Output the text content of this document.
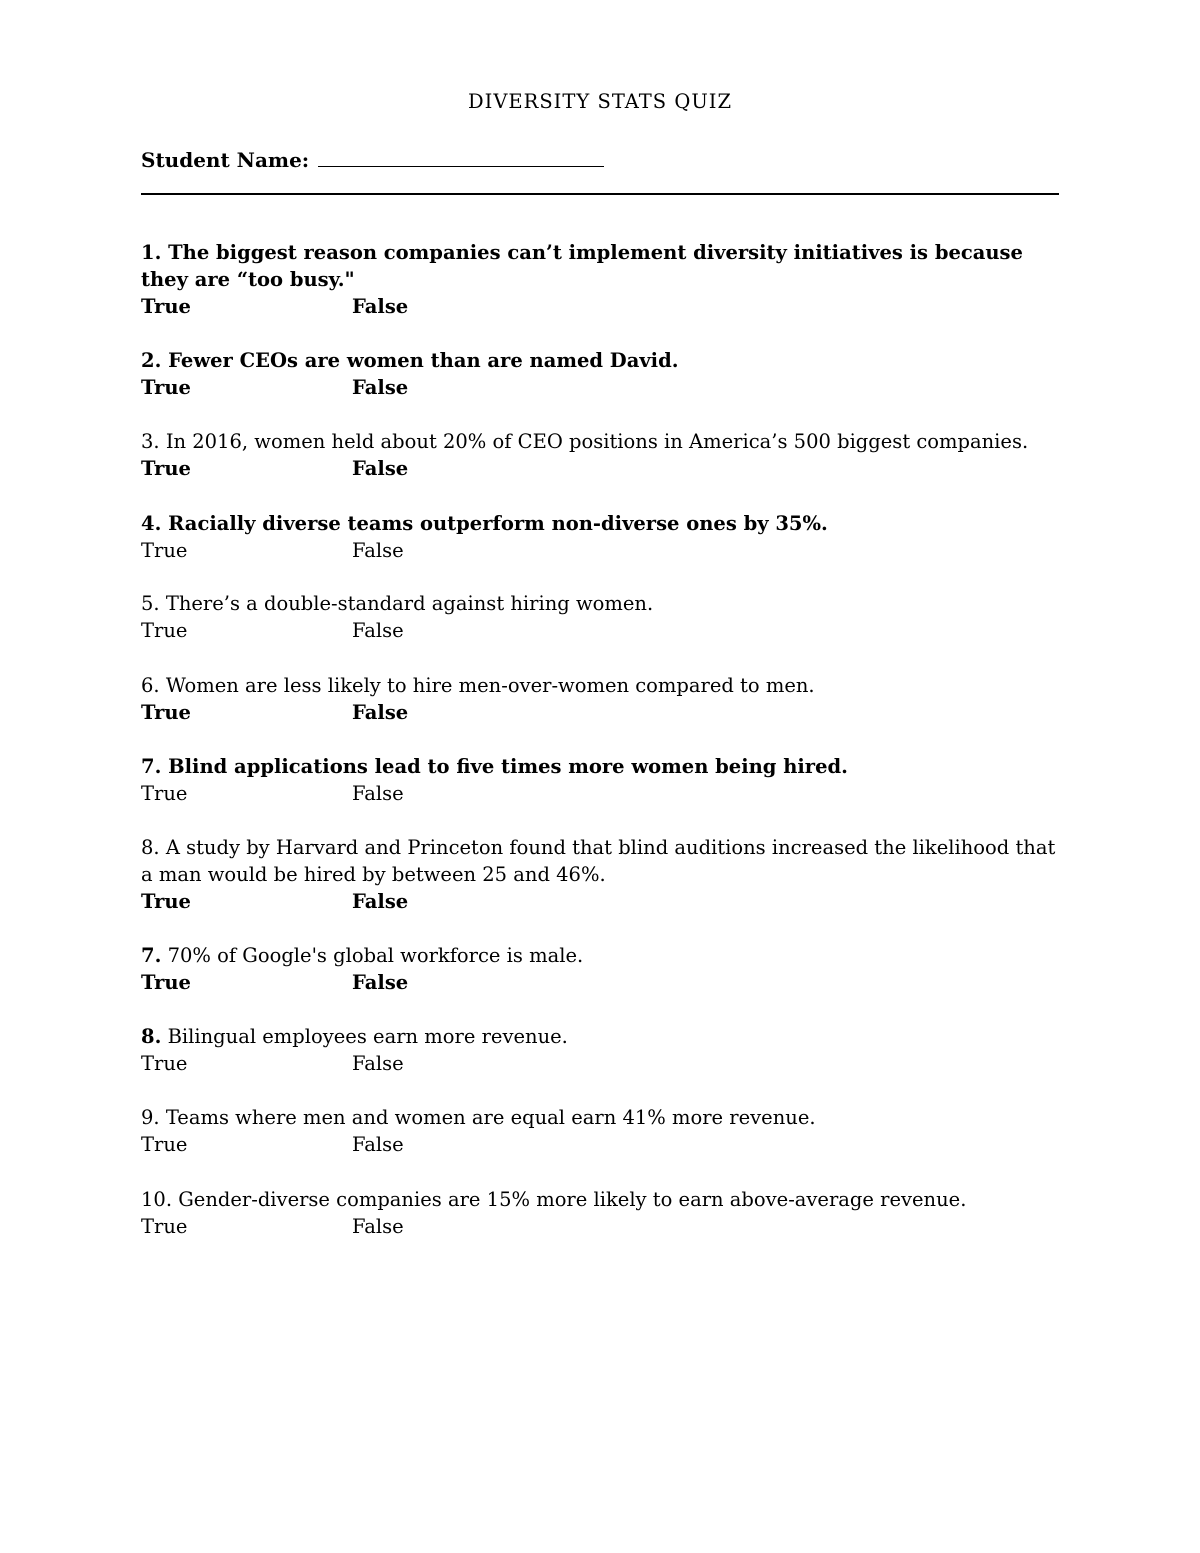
DIVERSITY STATS QUIZ
Student Name:

1. The biggest reason companies can’t implement diversity initiatives is because they are “too busy."

True	False

2. Fewer CEOs are women than are named David.

True	False

3. In 2016, women held about 20% of CEO positions in America’s 500 biggest companies.

True	False

4. Racially diverse teams outperform non-diverse ones by 35%.

True	False

5. There’s a double-standard against hiring women.

True	False

6. Women are less likely to hire men-over-women compared to men.

True	False

7. Blind applications lead to five times more women being hired.

True	False

8. A study by Harvard and Princeton found that blind auditions increased the likelihood that a man would be hired by between 25 and 46%.

True	False

7. 70% of Google's global workforce is male.

True	False

8. Bilingual employees earn more revenue.

True	False

9. Teams where men and women are equal earn 41% more revenue.

True	False

10. Gender-diverse companies are 15% more likely to earn above-average revenue.

True	False
